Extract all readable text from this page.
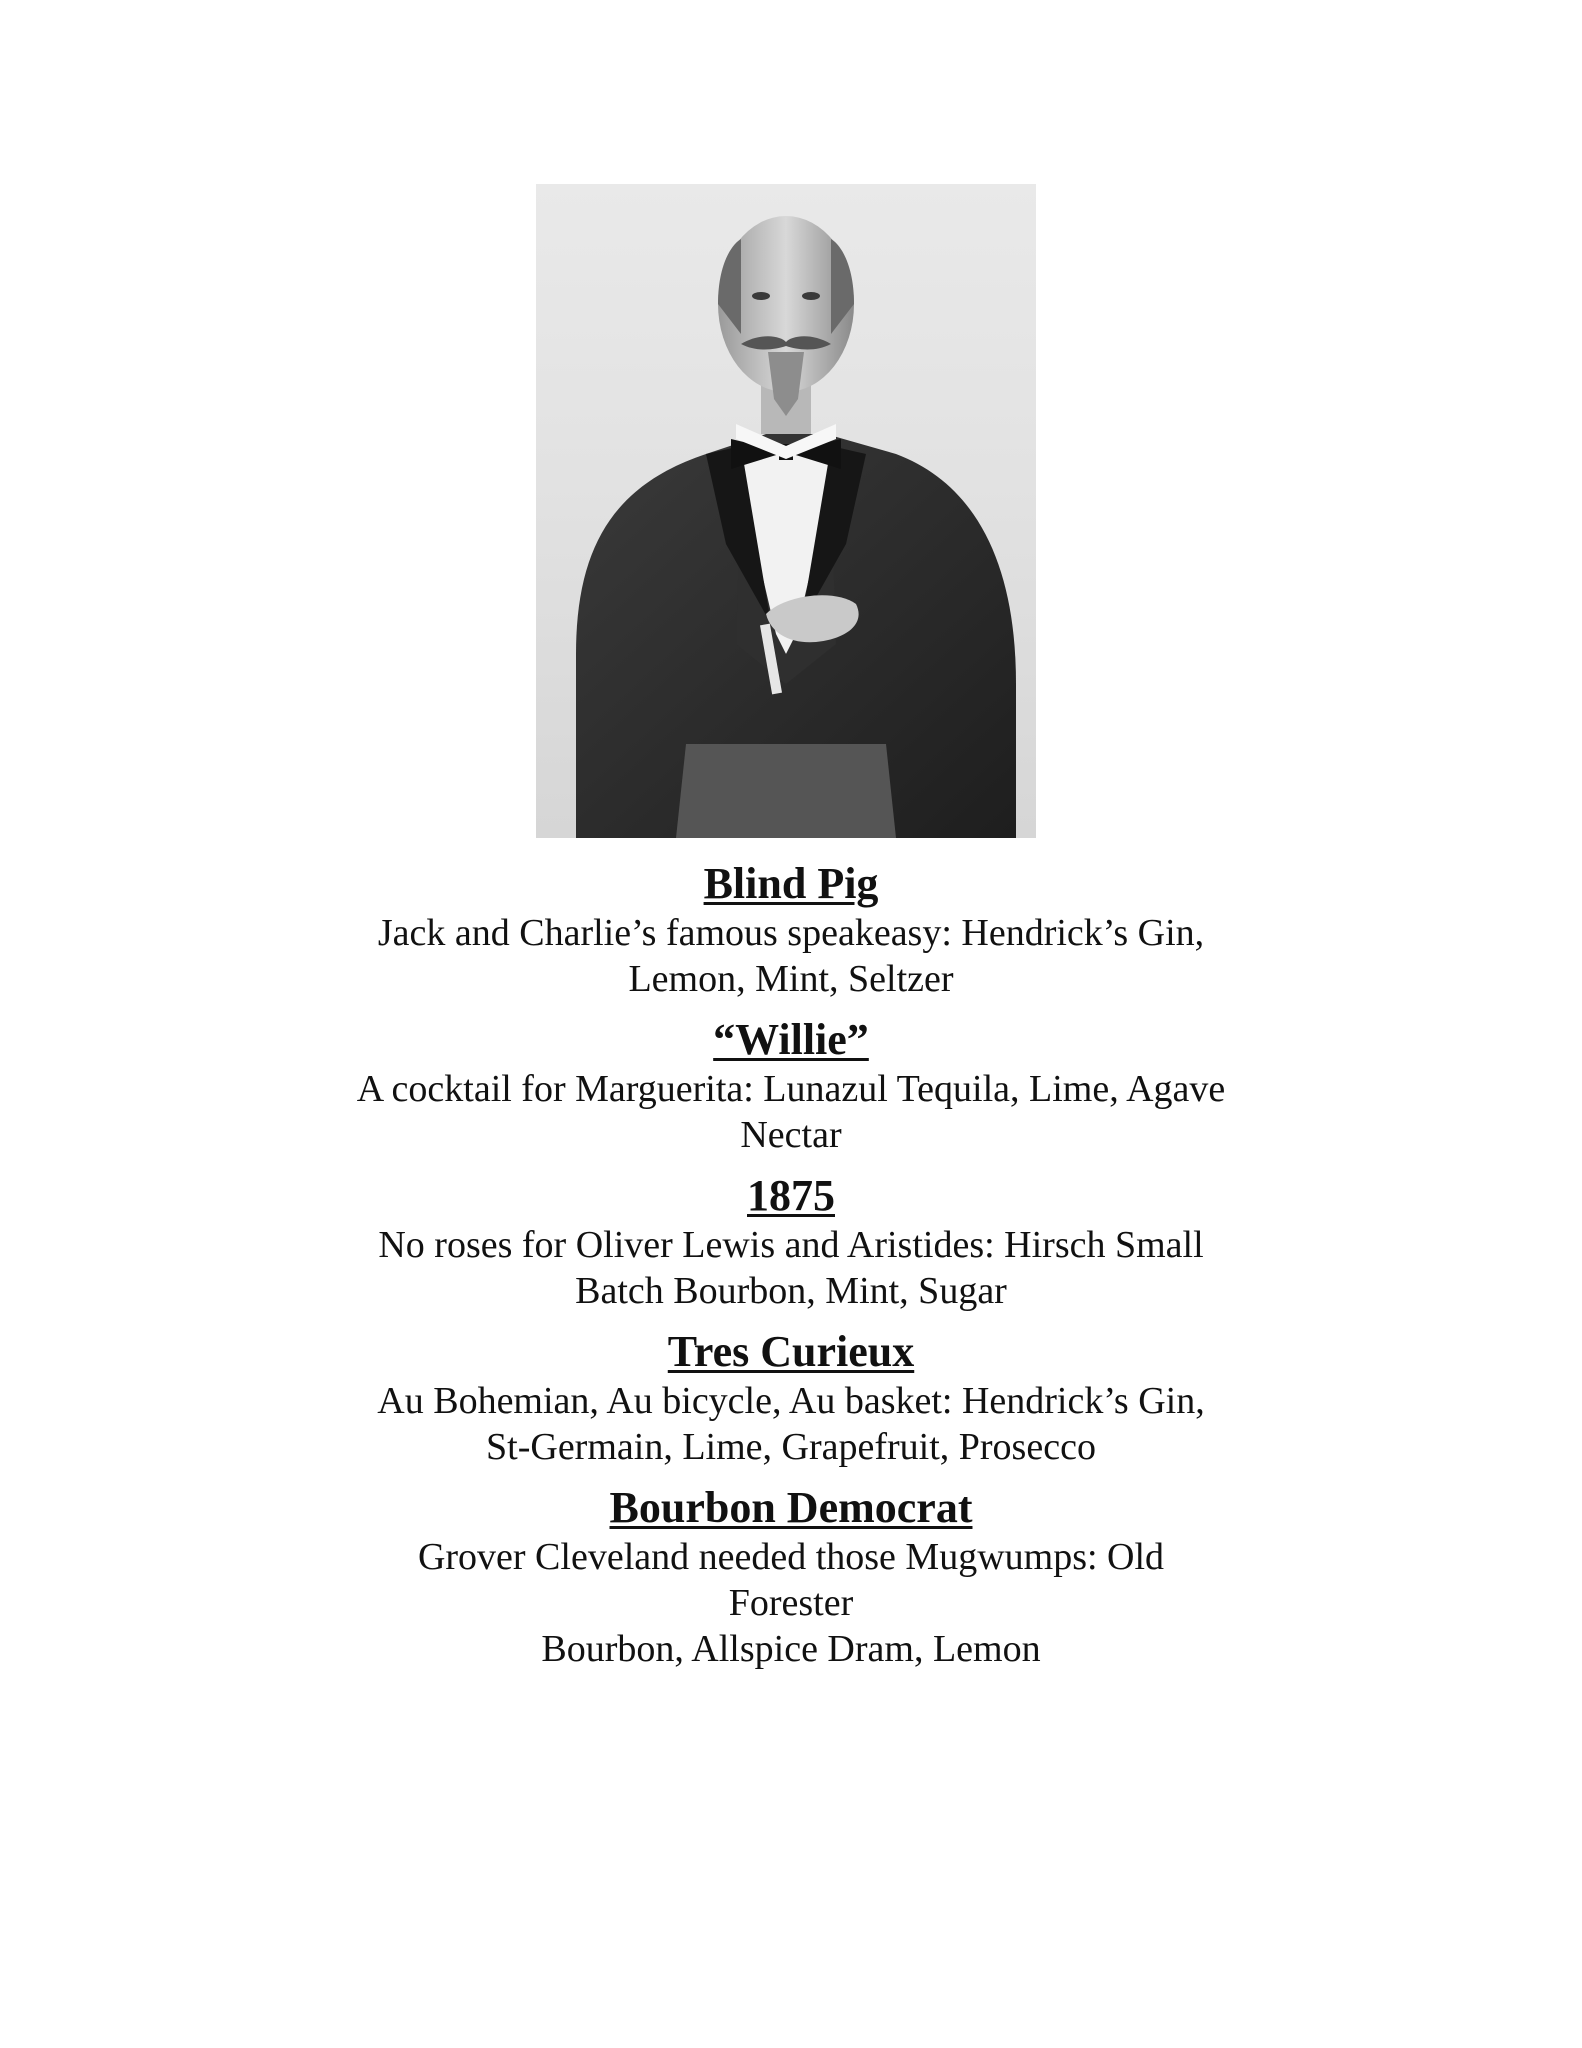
Blind Pig
Jack and Charlie’s famous speakeasy: Hendrick’s Gin,
Lemon, Mint, Seltzer
“Willie”
A cocktail for Marguerita: Lunazul Tequila, Lime, Agave
Nectar
1875
No roses for Oliver Lewis and Aristides: Hirsch Small
Batch Bourbon, Mint, Sugar
Tres Curieux
Au Bohemian, Au bicycle, Au basket: Hendrick’s Gin,
St-Germain, Lime, Grapefruit, Prosecco
Bourbon Democrat
Grover Cleveland needed those Mugwumps: Old
Forester
Bourbon, Allspice Dram, Lemon
